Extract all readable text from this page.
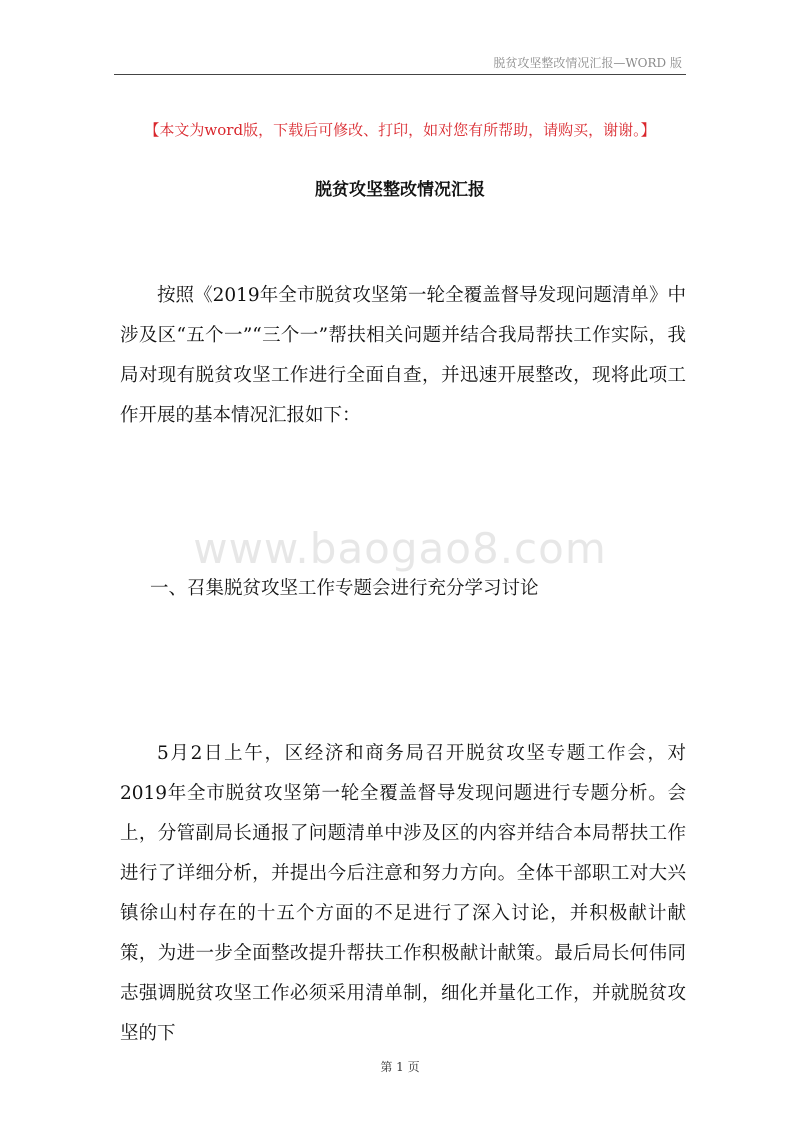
脱贫攻坚整改情况汇报—WORD 版
【本文为word版，下载后可修改、打印，如对您有所帮助，请购买，谢谢。】
脱贫攻坚整改情况汇报

按照《2019年全市脱贫攻坚第一轮全覆盖督导发现问题清单》中涉及区“五个一”“三个一”帮扶相关问题并结合我局帮扶工作实际，我局对现有脱贫攻坚工作进行全面自查，并迅速开展整改，现将此项工作开展的基本情况汇报如下：

www.baogao8.com
一、召集脱贫攻坚工作专题会进行充分学习讨论

5月2日上午，区经济和商务局召开脱贫攻坚专题工作会，对2019年全市脱贫攻坚第一轮全覆盖督导发现问题进行专题分析。会上，分管副局长通报了问题清单中涉及区的内容并结合本局帮扶工作进行了详细分析，并提出今后注意和努力方向。全体干部职工对大兴镇徐山村存在的十五个方面的不足进行了深入讨论，并积极献计献策，为进一步全面整改提升帮扶工作积极献计献策。最后局长何伟同志强调脱贫攻坚工作必须采用清单制，细化并量化工作，并就脱贫攻坚的下

第 1 页
